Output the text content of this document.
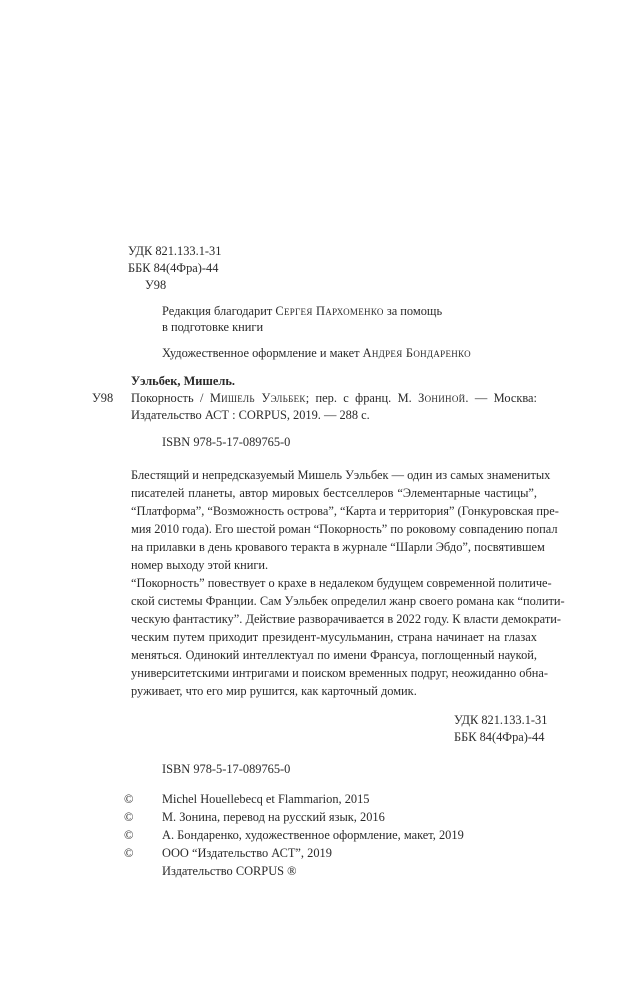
УДК 821.133.1-31
ББК 84(4Фра)-44
У98
Редакция благодарит Сергея Пархоменко за помощь
в подготовке книги
Художественное оформление и макет Андрея Бондаренко
Уэльбек, Мишель.
У98 Покорность / Мишель Уэльбек; пер. с франц. М. Зониной. — Москва:
Издательство АСТ : CORPUS, 2019. — 288 с.
ISBN 978-5-17-089765-0
Блестящий и непредсказуемый Мишель Уэльбек — один из самых знаменитых
писателей планеты, автор мировых бестселлеров “Элементарные частицы”,
“Платформа”, “Возможность острова”, “Карта и территория” (Гонкуровская пре-
мия 2010 года). Его шестой роман “Покорность” по роковому совпадению попал
на прилавки в день кровавого теракта в журнале “Шарли Эбдо”, посвятившем
номер выходу этой книги.
“Покорность” повествует о крахе в недалеком будущем современной политиче-
ской системы Франции. Сам Уэльбек определил жанр своего романа как “полити-
ческую фантастику”. Действие разворачивается в 2022 году. К власти демократи-
ческим путем приходит президент-мусульманин, страна начинает на глазах
меняться. Одинокий интеллектуал по имени Франсуа, поглощенный наукой,
университетскими интригами и поиском временных подруг, неожиданно обна-
руживает, что его мир рушится, как карточный домик.
УДК 821.133.1-31
ББК 84(4Фра)-44
ISBN 978-5-17-089765-0
© Michel Houellebecq et Flammarion, 2015
© М. Зонина, перевод на русский язык, 2016
© А. Бондаренко, художественное оформление, макет, 2019
© ООО “Издательство АСТ”, 2019
Издательство CORPUS ®
